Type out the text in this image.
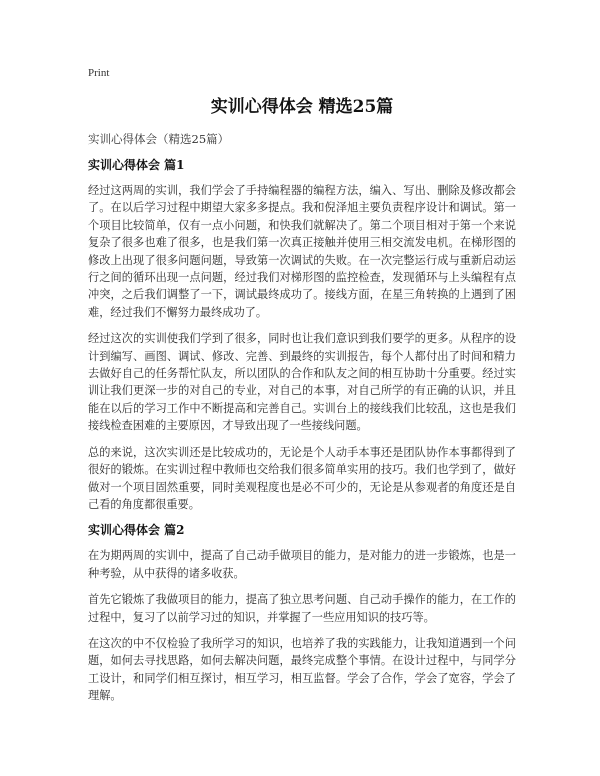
Print
实训心得体会 精选25篇
实训心得体会（精选25篇）
实训心得体会 篇1

经过这两周的实训，我们学会了手持编程器的编程方法，编入、写出、删除及修改都会了。在以后学习过程中期望大家多多提点。我和倪泽旭主要负责程序设计和调试。第一个项目比较简单，仅有一点小问题，和快我们就解决了。第二个项目相对于第一个来说复杂了很多也难了很多，也是我们第一次真正接触并使用三相交流发电机。在梯形图的修改上出现了很多问题问题，导致第一次调试的失败。在一次完整运行成与重新启动运行之间的循环出现一点问题，经过我们对梯形图的监控检查，发现循环与上头编程有点冲突，之后我们调整了一下，调试最终成功了。接线方面，在星三角转换的上遇到了困难，经过我们不懈努力最终成功了。

经过这次的实训使我们学到了很多，同时也让我们意识到我们要学的更多。从程序的设计到编写、画图、调试、修改、完善、到最终的实训报告，每个人都付出了时间和精力去做好自己的任务帮忙队友，所以团队的合作和队友之间的相互协助十分重要。经过实训让我们更深一步的对自己的专业，对自己的本事，对自己所学的有正确的认识，并且能在以后的学习工作中不断提高和完善自己。实训台上的接线我们比较乱，这也是我们接线检查困难的主要原因，才导致出现了一些接线问题。

总的来说，这次实训还是比较成功的，无论是个人动手本事还是团队协作本事都得到了很好的锻炼。在实训过程中教师也交给我们很多简单实用的技巧。我们也学到了，做好做对一个项目固然重要，同时美观程度也是必不可少的，无论是从参观者的角度还是自己看的角度都很重要。

实训心得体会 篇2

在为期两周的实训中，提高了自己动手做项目的能力，是对能力的进一步锻炼，也是一种考验，从中获得的诸多收获。

首先它锻炼了我做项目的能力，提高了独立思考问题、自己动手操作的能力，在工作的过程中，复习了以前学习过的知识，并掌握了一些应用知识的技巧等。

在这次的中不仅检验了我所学习的知识，也培养了我的实践能力，让我知道遇到一个问题，如何去寻找思路，如何去解决问题，最终完成整个事情。在设计过程中，与同学分工设计，和同学们相互探讨，相互学习，相互监督。学会了合作，学会了宽容，学会了理解。
